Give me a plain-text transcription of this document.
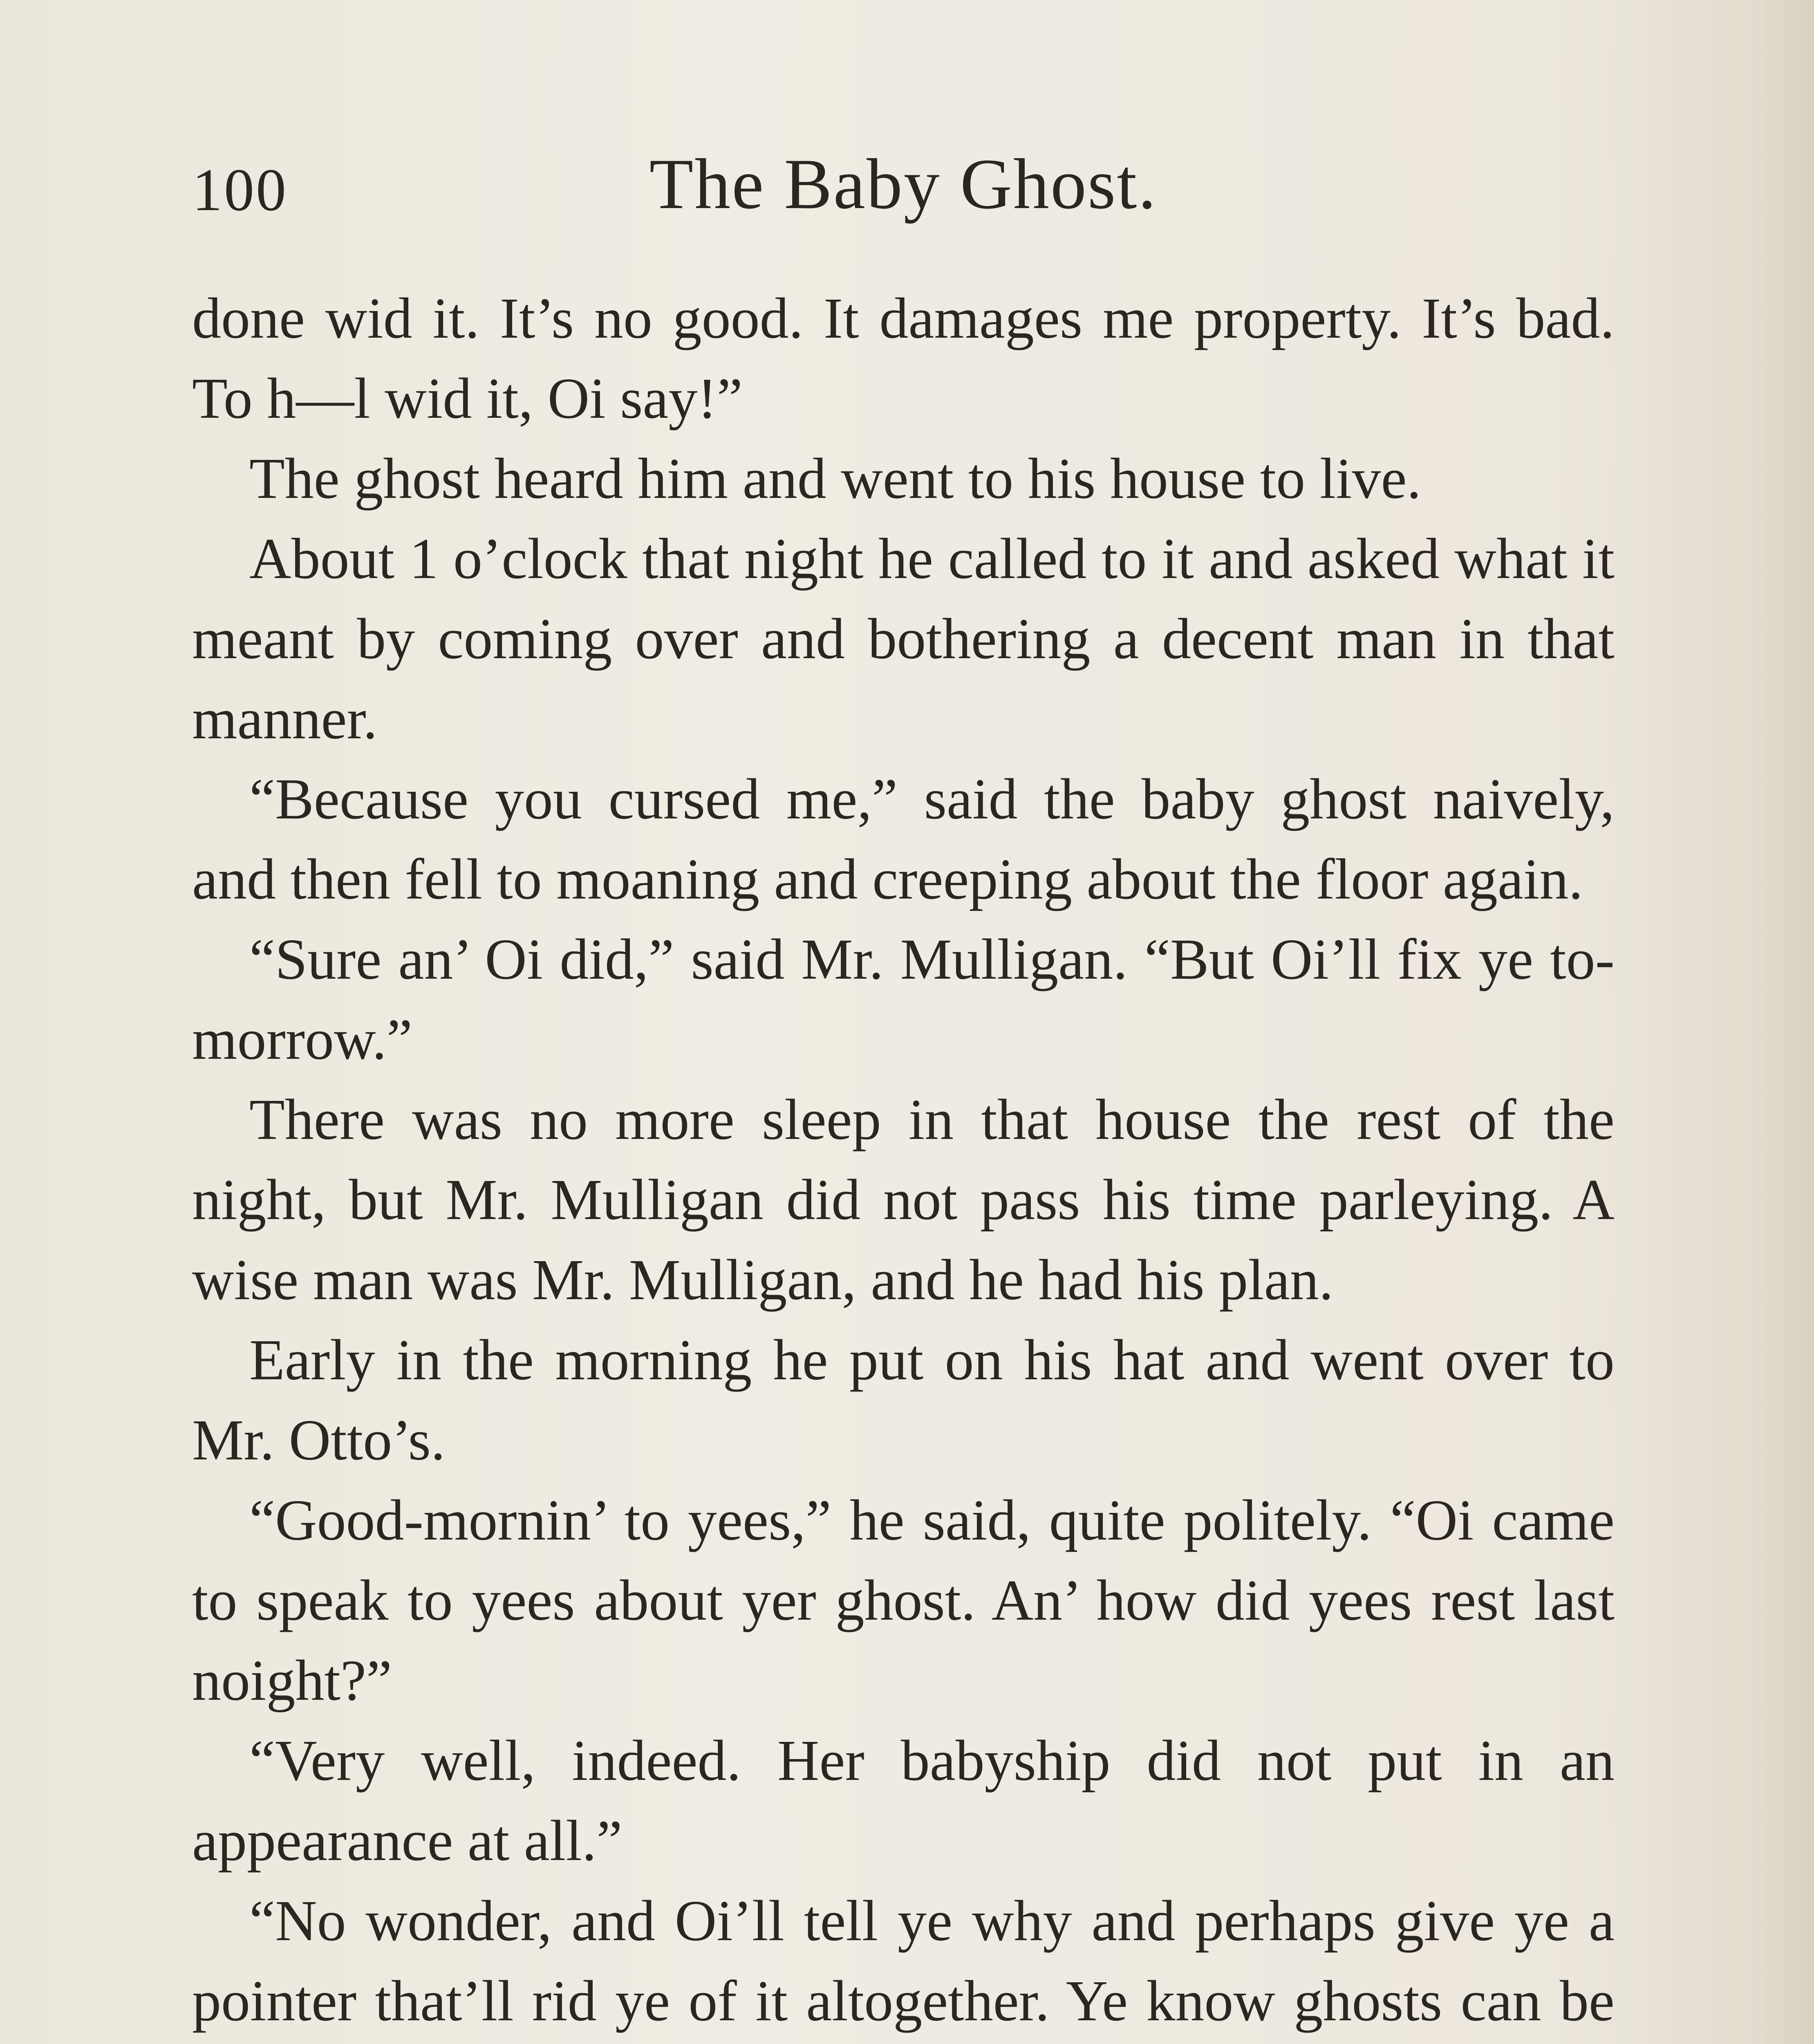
100	The Baby Ghost.

done wid it. It’s no good. It damages me property. It’s bad. To h—l wid it, Oi say!”

The ghost heard him and went to his house to live.

About 1 o’clock that night he called to it and asked what it meant by coming over and bothering a decent man in that manner.

“Because you cursed me,” said the baby ghost naively, and then fell to moaning and creeping about the floor again.

“Sure an’ Oi did,” said Mr. Mulligan. “But Oi’ll fix ye to-morrow.”

There was no more sleep in that house the rest of the night, but Mr. Mulligan did not pass his time parleying. A wise man was Mr. Mulligan, and he had his plan.

Early in the morning he put on his hat and went over to Mr. Otto’s.

“Good-mornin’ to yees,” he said, quite politely. “Oi came to speak to yees about yer ghost. An’ how did yees rest last noight?”

“Very well, indeed. Her babyship did not put in an appearance at all.”

“No wonder, and Oi’ll tell ye why and perhaps give ye a pointer that’ll rid ye of it altogether. Ye know ghosts can be
